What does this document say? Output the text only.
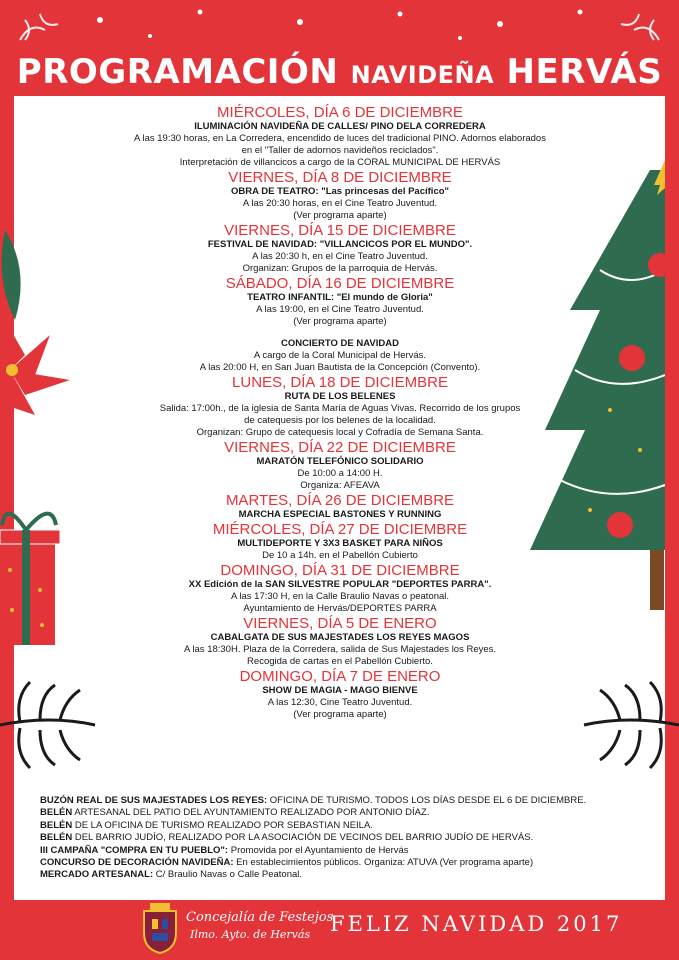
PROGRAMACIÓN NAVIDEÑA HERVÁS
MIÉRCOLES, DÍA 6 DE DICIEMBRE
ILUMINACIÓN NAVIDEÑA DE CALLES/ PINO DELA CORREDERA
A las 19:30 horas, en La Corredera, encendido de luces del tradicional PINO. Adornos elaborados
en el "Taller de adornos navideños reciclados".
Interpretación de villancicos a cargo de la CORAL MUNICIPAL DE HERVÁS
VIERNES, DÍA 8 DE DICIEMBRE
OBRA DE TEATRO: "Las princesas del Pacífico"
A las 20:30 horas, en el Cine Teatro Juventud.
(Ver programa aparte)
VIERNES, DÍA 15 DE DICIEMBRE
FESTIVAL DE NAVIDAD: "VILLANCICOS POR EL MUNDO".
A las 20:30 h, en el Cine Teatro Juventud.
Organizan: Grupos de la parroquia de Hervás.
SÁBADO, DÍA 16 DE DICIEMBRE
TEATRO INFANTIL: "El mundo de Gloria"
A las 19:00, en el Cine Teatro Juventud.
(Ver programa aparte)
CONCIERTO DE NAVIDAD
A cargo de la Coral Municipal de Hervás.
A las 20:00 H, en San Juan Bautista de la Concepción (Convento).
LUNES, DÍA 18 DE DICIEMBRE
RUTA DE LOS BELENES
Salida: 17:00h., de la iglesia de Santa María de Aguas Vivas. Recorrido de los grupos
de catequesis por los belenes de la localidad.
Organizan: Grupo de catequesis local y Cofradía de Semana Santa.
VIERNES, DÍA 22 DE DICIEMBRE
MARATÓN TELEFÓNICO SOLIDARIO
De 10:00 a 14:00 H.
Organiza: AFEAVA
MARTES, DÍA 26 DE DICIEMBRE
MARCHA ESPECIAL BASTONES Y RUNNING
MIÉRCOLES, DÍA 27 DE DICIEMBRE
MULTIDEPORTE Y 3X3 BASKET PARA NIÑOS
De 10 a 14h. en el Pabellón Cubierto
DOMINGO, DÍA 31 DE DICIEMBRE
XX Edición de la SAN SILVESTRE POPULAR "DEPORTES PARRA".
A las 17:30 H, en la Calle Braulio Navas o peatonal.
Ayuntamiento de Hervás/DEPORTES PARRA
VIERNES, DÍA 5 DE ENERO
CABALGATA DE SUS MAJESTADES LOS REYES MAGOS
A las 18:30H. Plaza de la Corredera, salida de Sus Majestades los Reyes.
Recogida de cartas en el Pabellón Cubierto.
DOMINGO, DÍA 7 DE ENERO
SHOW DE MAGIA - MAGO BIENVE
A las 12:30, Cine Teatro Juventud.
(Ver programa aparte)
BUZÓN REAL DE SUS MAJESTADES LOS REYES: OFICINA DE TURISMO. TODOS LOS DÍAS DESDE EL 6 DE DICIEMBRE.
BELÉN ARTESANAL DEL PATIO DEL AYUNTAMIENTO REALIZADO POR ANTONIO DÍAZ.
BELÉN DE LA OFICINA DE TURISMO REALIZADO POR SEBASTIAN NEILA.
BELÉN DEL BARRIO JUDÍO, REALIZADO POR LA ASOCIACIÓN DE VECINOS DEL BARRIO JUDÍO DE HERVÁS.
III CAMPAÑA "COMPRA EN TU PUEBLO": Promovida por el Ayuntamiento de Hervás
CONCURSO DE DECORACIÓN NAVIDEÑA: En establecimientos públicos. Organiza: ATUVA (Ver programa aparte)
MERCADO ARTESANAL: C/ Braulio Navas o Calle Peatonal.
Concejalía de Festejos
Ilmo. Ayto. de Hervás FELIZ NAVIDAD 2017
